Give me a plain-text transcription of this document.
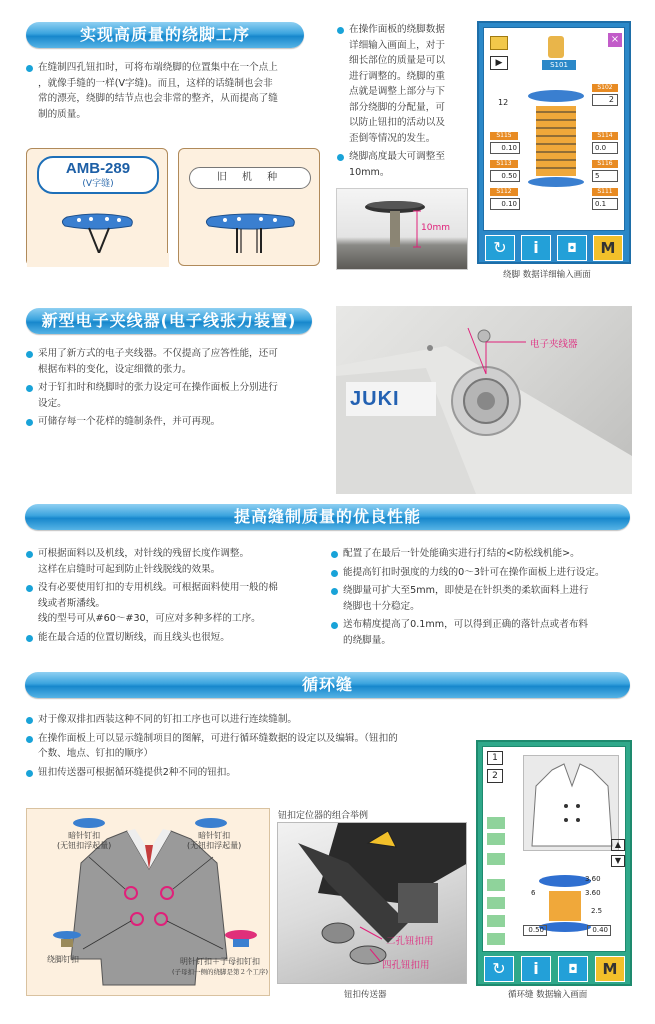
实现高质量的绕脚工序
在缝制四孔钮扣时，可将布端绕脚的位置集中在一个点上
，就像手缝的一样(V字缝)。而且，这样的话缝制也会非
常的漂亮，绕脚的结节点也会非常的整齐，从而提高了缝
制的质量。
AMB-289
(V字缝)
旧 机 种
在操作面板的绕脚数据
详细输入画面上，对于
细长部位的质量是可以
进行调整的。绕脚的重
点就是调整上部分与下
部分绕脚的分配量，可
以防止钮扣的活动以及
歪倒等情况的发生。
绕脚高度最大可调整至
10mm。
10mm
▶	S101
×
12
S102
2
S115
0.10
S114
0.0
S113
0.50
S116
5
S112
0.10
S111
0.1
↻	i	◘	M
绕脚 数据详细输入画面
新型电子夹线器(电子线张力装置)
采用了新方式的电子夹线器。不仅提高了应答性能，还可
根据布料的变化，设定细微的张力。
对于钉扣时和绕脚时的张力设定可在操作面板上分别进行
设定。
可储存每一个花样的缝制条件，并可再现。
电子夹线器
JUKI
提高缝制质量的优良性能
可根据面料以及机线，对针线的残留长度作调整。
这样在启缝时可起到防止针线脱线的效果。
没有必要使用钉扣的专用机线。可根据面料使用一般的棉
线或者斯潘线。
线的型号可从#60～#30，可应对多种多样的工序。
能在最合适的位置切断线，而且线头也很短。
配置了在最后一针处能确实进行打结的<防松线机能>。
能提高钉扣时强度的力线的0～3针可在操作面板上进行设定。
绕脚量可扩大至5mm，即使是在针织类的柔软面料上进行
绕脚也十分稳定。
送布精度提高了0.1mm，可以得到正确的落针点或者布料
的绕脚量。
循环缝
对于像双排扣西装这种不同的钉扣工序也可以进行连续缝制。
在操作面板上可以显示缝制项目的图解，可进行循环缝数据的设定以及编辑。（钮扣的
个数、地点、钉扣的顺序）
钮扣传送器可根据循环缝提供2种不同的钮扣。
暗针钉扣
(无钮扣浮起量)
暗针钉扣
(无钮扣浮起量)
绕脚钉扣	明针钉扣＋子母扣钉扣
(子母扣一侧的绕脚是第２个工序)
钮扣定位器的组合举例
二孔钮扣用
四孔钮扣用
钮扣传送器
1
2
▲
▼
3.60
3.60
2.5
0.40
0.50
6
↻	i	◘	M
循环缝 数据输入画面
